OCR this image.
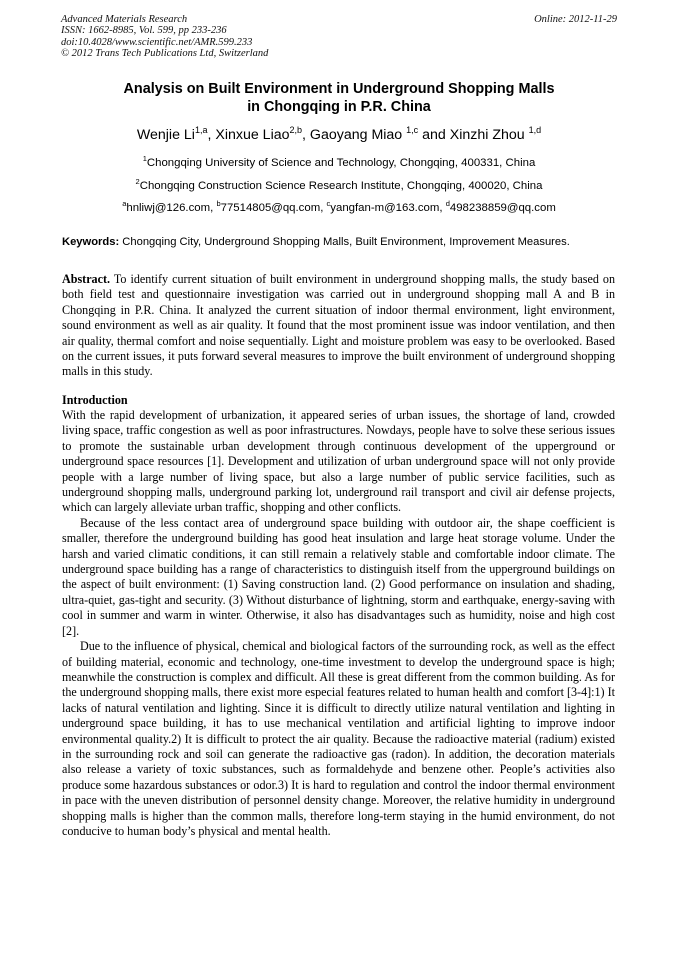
Advanced Materials Research
ISSN: 1662-8985, Vol. 599, pp 233-236
doi:10.4028/www.scientific.net/AMR.599.233
© 2012 Trans Tech Publications Ltd, Switzerland
Online: 2012-11-29
Analysis on Built Environment in Underground Shopping Malls
in Chongqing in P.R. China
Wenjie Li$^{1,a}$, Xinxue Liao$^{2,b}$, Gaoyang Miao $^{1,c}$ and Xinzhi Zhou $^{1,d}$
$^1$Chongqing University of Science and Technology, Chongqing, 400331, China
$^2$Chongqing Construction Science Research Institute, Chongqing, 400020, China
$^a$hnliwj@126.com, $^b$77514805@qq.com, $^c$yangfan-m@163.com, $^d$498238859@qq.com
Keywords: Chongqing City, Underground Shopping Malls, Built Environment, Improvement Measures.
Abstract. To identify current situation of built environment in underground shopping malls, the study based on both field test and questionnaire investigation was carried out in underground shopping mall A and B in Chongqing in P.R. China. It analyzed the current situation of indoor thermal environment, light environment, sound environment as well as air quality. It found that the most prominent issue was indoor ventilation, and then air quality, thermal comfort and noise sequentially. Light and moisture problem was easy to be overlooked. Based on the current issues, it puts forward several measures to improve the built environment of underground shopping malls in this study.
Introduction

With the rapid development of urbanization, it appeared series of urban issues, the shortage of land, crowded living space, traffic congestion as well as poor infrastructures. Nowdays, people have to solve these serious issues to promote the sustainable urban development through continuous development of the upperground or underground space resources [1]. Development and utilization of urban underground space will not only provide people with a large number of living space, but also a large number of public service facilities, such as underground shopping malls, underground parking lot, underground rail transport and civil air defense projects, which can largely alleviate urban traffic, shopping and other conflicts.

Because of the less contact area of underground space building with outdoor air, the shape coefficient is smaller, therefore the underground building has good heat insulation and large heat storage volume. Under the harsh and varied climatic conditions, it can still remain a relatively stable and comfortable indoor climate. The underground space building has a range of characteristics to distinguish itself from the upperground buildings on the aspect of built environment: (1) Saving construction land. (2) Good performance on insulation and shading, ultra-quiet, gas-tight and security. (3) Without disturbance of lightning, storm and earthquake, energy-saving with cool in summer and warm in winter. Otherwise, it also has disadvantages such as humidity, noise and high cost [2].

Due to the influence of physical, chemical and biological factors of the surrounding rock, as well as the effect of building material, economic and technology, one-time investment to develop the underground space is high; meanwhile the construction is complex and difficult. All these is great different from the common building. As for the underground shopping malls, there exist more especial features related to human health and comfort [3-4]:1) It lacks of natural ventilation and lighting. Since it is difficult to directly utilize natural ventilation and lighting in underground space building, it has to use mechanical ventilation and artificial lighting to improve indoor environmental quality.2) It is difficult to protect the air quality. Because the radioactive material (radium) existed in the surrounding rock and soil can generate the radioactive gas (radon). In addition, the decoration materials also release a variety of toxic substances, such as formaldehyde and benzene other. People’s activities also produce some hazardous substances or odor.3) It is hard to regulation and control the indoor thermal environment in pace with the uneven distribution of personnel density change. Moreover, the relative humidity in underground shopping malls is higher than the common malls, therefore long-term staying in the humid environment, do not conducive to human body’s physical and mental health.
